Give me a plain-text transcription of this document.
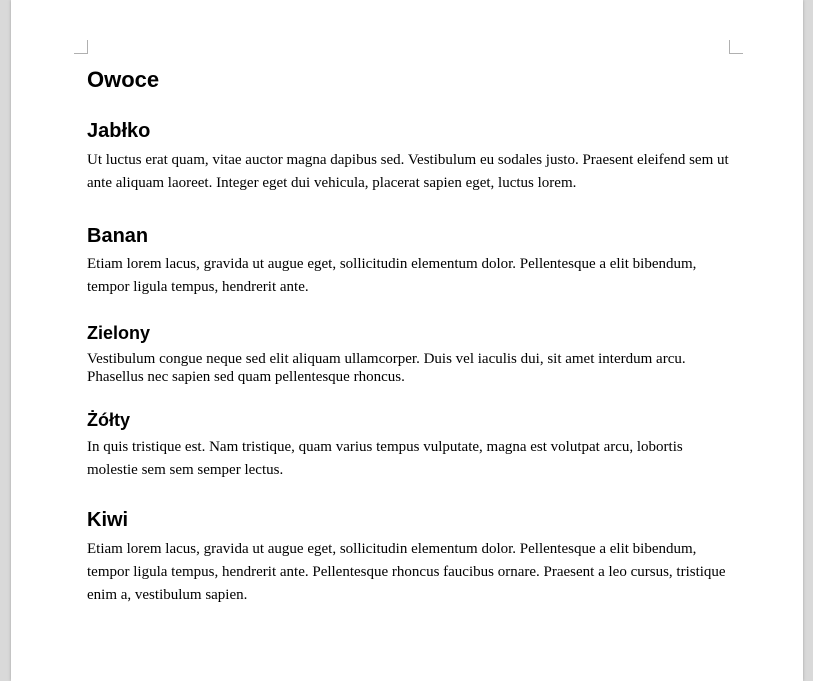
Owoce
Jabłko

Ut luctus erat quam, vitae auctor magna dapibus sed. Vestibulum eu sodales justo. Praesent eleifend sem ut ante aliquam laoreet. Integer eget dui vehicula, placerat sapien eget, luctus lorem.

Banan

Etiam lorem lacus, gravida ut augue eget, sollicitudin elementum dolor. Pellentesque a elit bibendum, tempor ligula tempus, hendrerit ante.

Zielony

Vestibulum congue neque sed elit aliquam ullamcorper. Duis vel iaculis dui, sit amet interdum arcu. Phasellus nec sapien sed quam pellentesque rhoncus.

Żółty

In quis tristique est. Nam tristique, quam varius tempus vulputate, magna est volutpat arcu, lobortis molestie sem sem semper lectus.

Kiwi

Etiam lorem lacus, gravida ut augue eget, sollicitudin elementum dolor. Pellentesque a elit bibendum, tempor ligula tempus, hendrerit ante. Pellentesque rhoncus faucibus ornare. Praesent a leo cursus, tristique enim a, vestibulum sapien.
